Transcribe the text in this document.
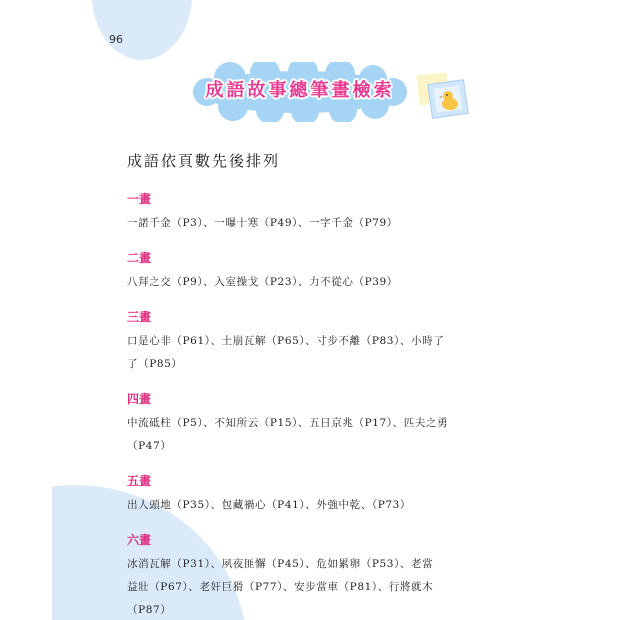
96
成語故事總筆畫檢索
成語依頁數先後排列
一畫
一諾千金（P3）、一曝十寒（P49）、一字千金（P79）
二畫
八拜之交（P9）、入室操戈（P23）、力不從心（P39）
三畫
口是心非（P61）、土崩瓦解（P65）、寸步不離（P83）、小時了
了（P85）
四畫
中流砥柱（P5）、不知所云（P15）、五日京兆（P17）、匹夫之勇
（P47）
五畫
出人頭地（P35）、包藏禍心（P41）、外強中乾、（P73）
六畫
冰消瓦解（P31）、夙夜匪懈（P45）、危如累卵（P53）、老當
益壯（P67）、老奸巨猾（P77）、安步當車（P81）、行將就木
（P87）
